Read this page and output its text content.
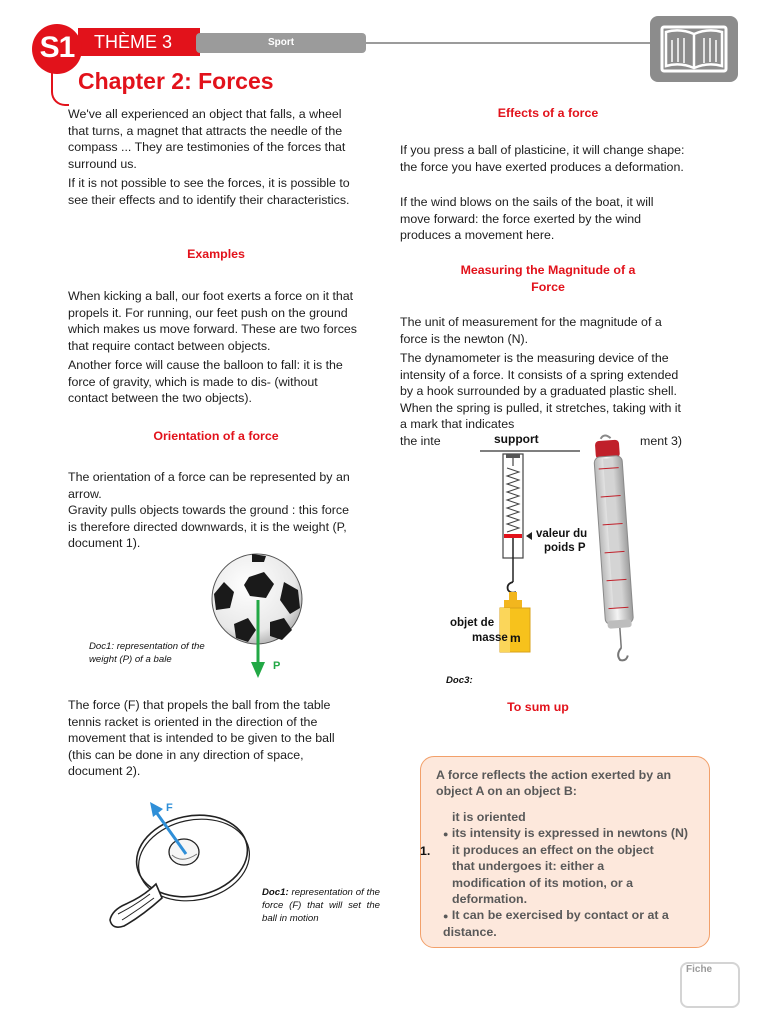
THÈME 3
S1	Sport
Chapter 2: Forces

We've all experienced an object that falls, a wheel that turns, a magnet that attracts the needle of the compass ... They are testimonies of the forces that surround us.

If it is not possible to see the forces, it is possible to see their effects and to identify their characteristics.

Examples

When kicking a ball, our foot exerts a force on it that propels it. For running, our feet push on the ground which makes us move forward. These are two forces that require contact between objects.

Another force will cause the balloon to fall: it is the force of gravity, which is made to dis- (without contact between the two objects).

Orientation of a force

The orientation of a force can be represented by an arrow.

Gravity pulls objects towards the ground : this force is therefore directed downwards, it is the weight (P, document 1).

P

Doc1: representation of the weight (P) of a bale

The force (F) that propels the ball from the table tennis racket is oriented in the direction of the movement that is intended to be given to the ball (this can be done in any direction of space, document 2).

F

Doc1: representation of the force (F) that will set the ball in motion

Effects of a force

If you press a ball of plasticine, it will change shape: the force you have exerted produces a deformation.

If the wind blows on the sails of the boat, it will move forward: the force exerted by the wind produces a movement here.

Measuring the Magnitude of a
Force

The unit of measurement for the magnitude of a force is the newton (N).

The dynamometer is the measuring device of the intensity of a force. It consists of a spring extended by a hook surrounded by a graduated plastic shell. When the spring is pulled, it stretches, taking with it a mark that indicates

the inte	ment 3)
support
valeur du
poids P
objet de
masse m
Doc3:
To sum up

A force reflects the action exerted by an object A on an object B:

it is oriented
● its intensity is expressed in newtons (N)
1. it produces an effect on the object that undergoes it: either a modification of its motion, or a deformation.
● It can be exercised by contact or at a distance.
Fiche
